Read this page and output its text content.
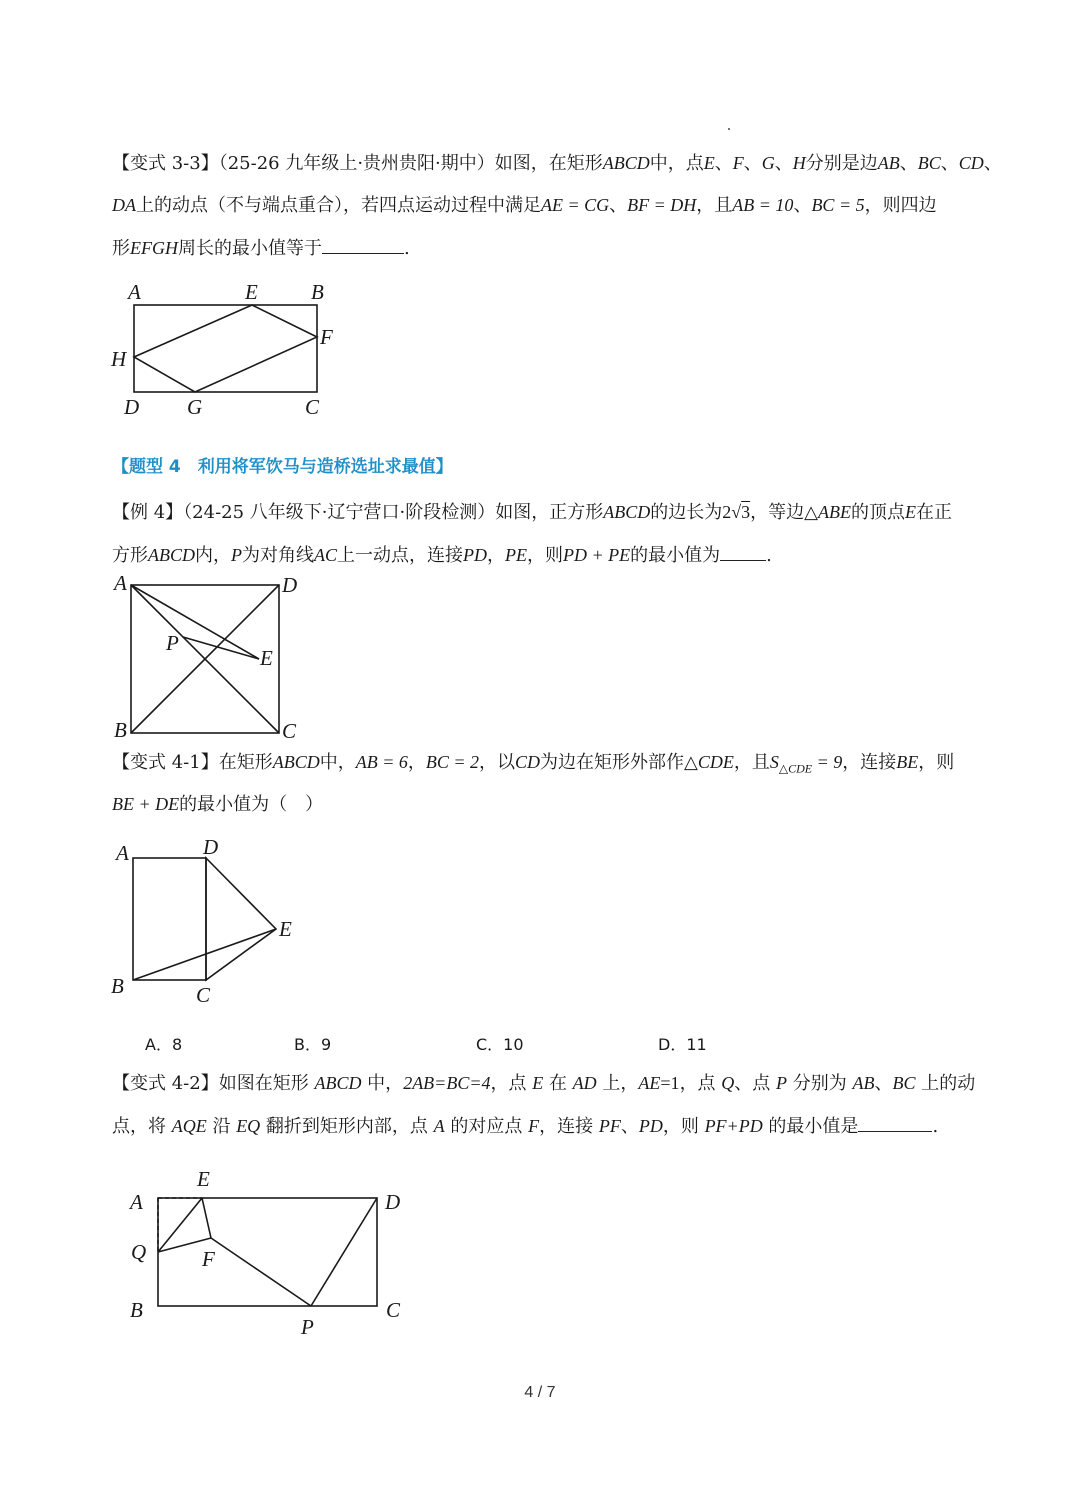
【变式 3-3】（25-26 九年级上·贵州贵阳·期中）如图，在矩形ABCD中，点E、F、G、H分别是边AB、BC、CD、
DA上的动点（不与端点重合），若四点运动过程中满足AE = CG、BF = DH，且AB = 10、BC = 5，则四边
形EFGH周长的最小值等于	.
A	E	B
F
H
D G	C
【题型 4　利用将军饮马与造桥选址求最值】
【例 4】（24-25 八年级下·辽宁营口·阶段检测）如图，正方形ABCD的边长为2√3，等边△ABE的顶点E在正
方形ABCD内，P为对角线AC上一动点，连接PD，PE，则PD + PE的最小值为	.
A	D
P
E
B	C
【变式 4-1】在矩形ABCD中，AB = 6，BC = 2，以CD为边在矩形外部作△CDE，且$S_{\triangle CDE} = 9$，连接BE，则
BE + DE的最小值为（　）
A	D
E
B	C
A．8	B．9	C．10	D．11
【变式 4-2】如图在矩形 ABCD 中，2AB=BC=4，点 E 在 AD 上，AE=1，点 Q、点 P 分别为 AB、BC 上的动
点，将 AQE 沿 EQ 翻折到矩形内部，点 A 的对应点 F，连接 PF、PD，则 PF+PD 的最小值是	.
A
E
D
Q	F
B
P
C
4 / 7
